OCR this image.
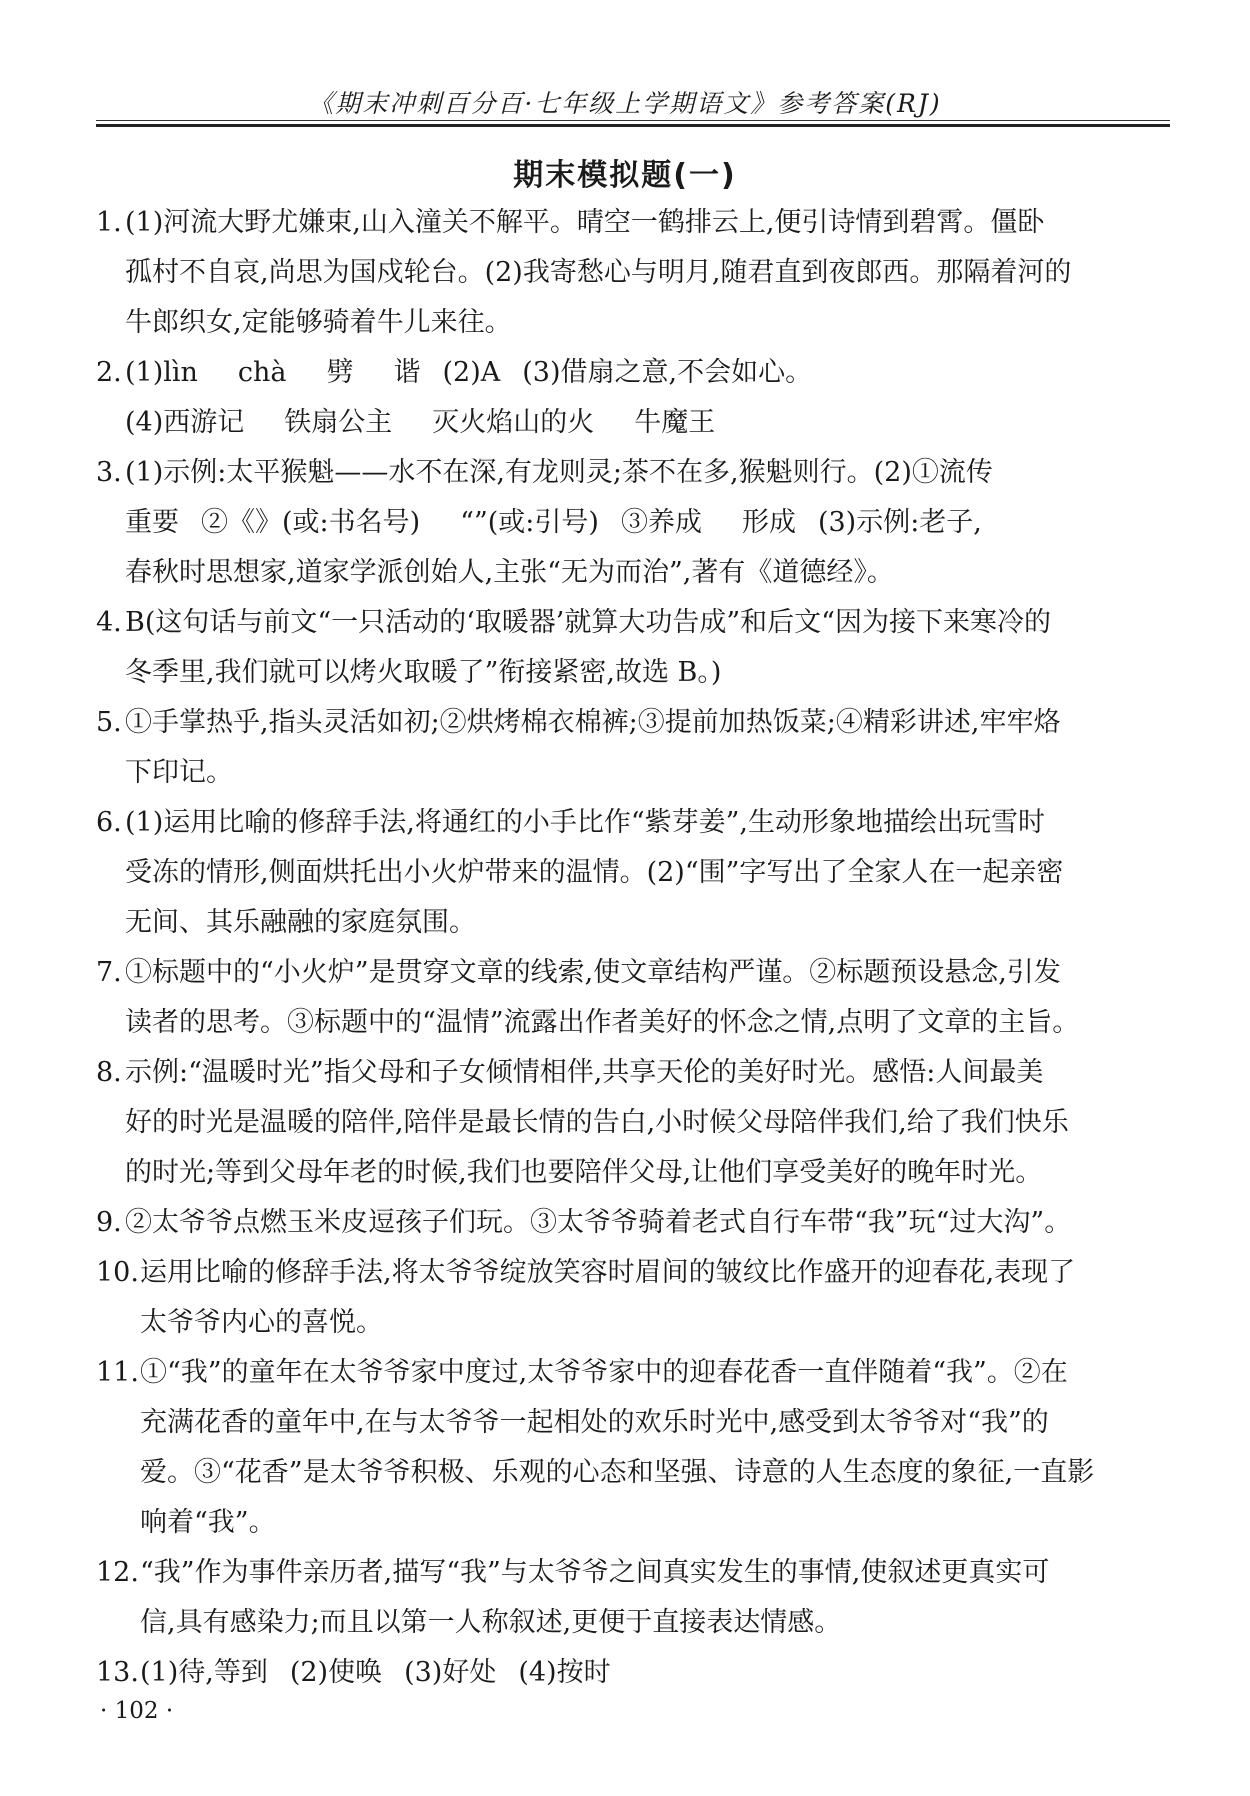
《期末冲刺百分百·七年级上学期语文》参考答案(RJ)
期末模拟题(一)
1. (1)河流大野尤嫌束,山入潼关不解平。晴空一鹤排云上,便引诗情到碧霄。僵卧
孤村不自哀,尚思为国戍轮台。(2)我寄愁心与明月,随君直到夜郎西。那隔着河的
牛郎织女,定能够骑着牛儿来往。
2. (1)lìn chà 劈 谐 (2)A (3)借扇之意,不会如心。
(4)西游记 铁扇公主 灭火焰山的火 牛魔王
3. (1)示例:太平猴魁——水不在深,有龙则灵;茶不在多,猴魁则行。(2)①流传
重要 ②《》(或:书名号) “”(或:引号) ③养成 形成 (3)示例:老子,
春秋时思想家,道家学派创始人,主张“无为而治”,著有《道德经》。
4. B(这句话与前文“一只活动的‘取暖器’就算大功告成”和后文“因为接下来寒冷的
冬季里,我们就可以烤火取暖了”衔接紧密,故选 B。)
5. ①手掌热乎,指头灵活如初;②烘烤棉衣棉裤;③提前加热饭菜;④精彩讲述,牢牢烙
下印记。
6. (1)运用比喻的修辞手法,将通红的小手比作“紫芽姜”,生动形象地描绘出玩雪时
受冻的情形,侧面烘托出小火炉带来的温情。(2)“围”字写出了全家人在一起亲密
无间、其乐融融的家庭氛围。
7. ①标题中的“小火炉”是贯穿文章的线索,使文章结构严谨。②标题预设悬念,引发
读者的思考。③标题中的“温情”流露出作者美好的怀念之情,点明了文章的主旨。
8. 示例:“温暖时光”指父母和子女倾情相伴,共享天伦的美好时光。感悟:人间最美
好的时光是温暖的陪伴,陪伴是最长情的告白,小时候父母陪伴我们,给了我们快乐
的时光;等到父母年老的时候,我们也要陪伴父母,让他们享受美好的晚年时光。
9. ②太爷爷点燃玉米皮逗孩子们玩。③太爷爷骑着老式自行车带“我”玩“过大沟”。
10. 运用比喻的修辞手法,将太爷爷绽放笑容时眉间的皱纹比作盛开的迎春花,表现了
太爷爷内心的喜悦。
11. ①“我”的童年在太爷爷家中度过,太爷爷家中的迎春花香一直伴随着“我”。②在
充满花香的童年中,在与太爷爷一起相处的欢乐时光中,感受到太爷爷对“我”的
爱。③“花香”是太爷爷积极、乐观的心态和坚强、诗意的人生态度的象征,一直影
响着“我”。
12. “我”作为事件亲历者,描写“我”与太爷爷之间真实发生的事情,使叙述更真实可
信,具有感染力;而且以第一人称叙述,更便于直接表达情感。
13. (1)待,等到 (2)使唤 (3)好处 (4)按时
· 102 ·
